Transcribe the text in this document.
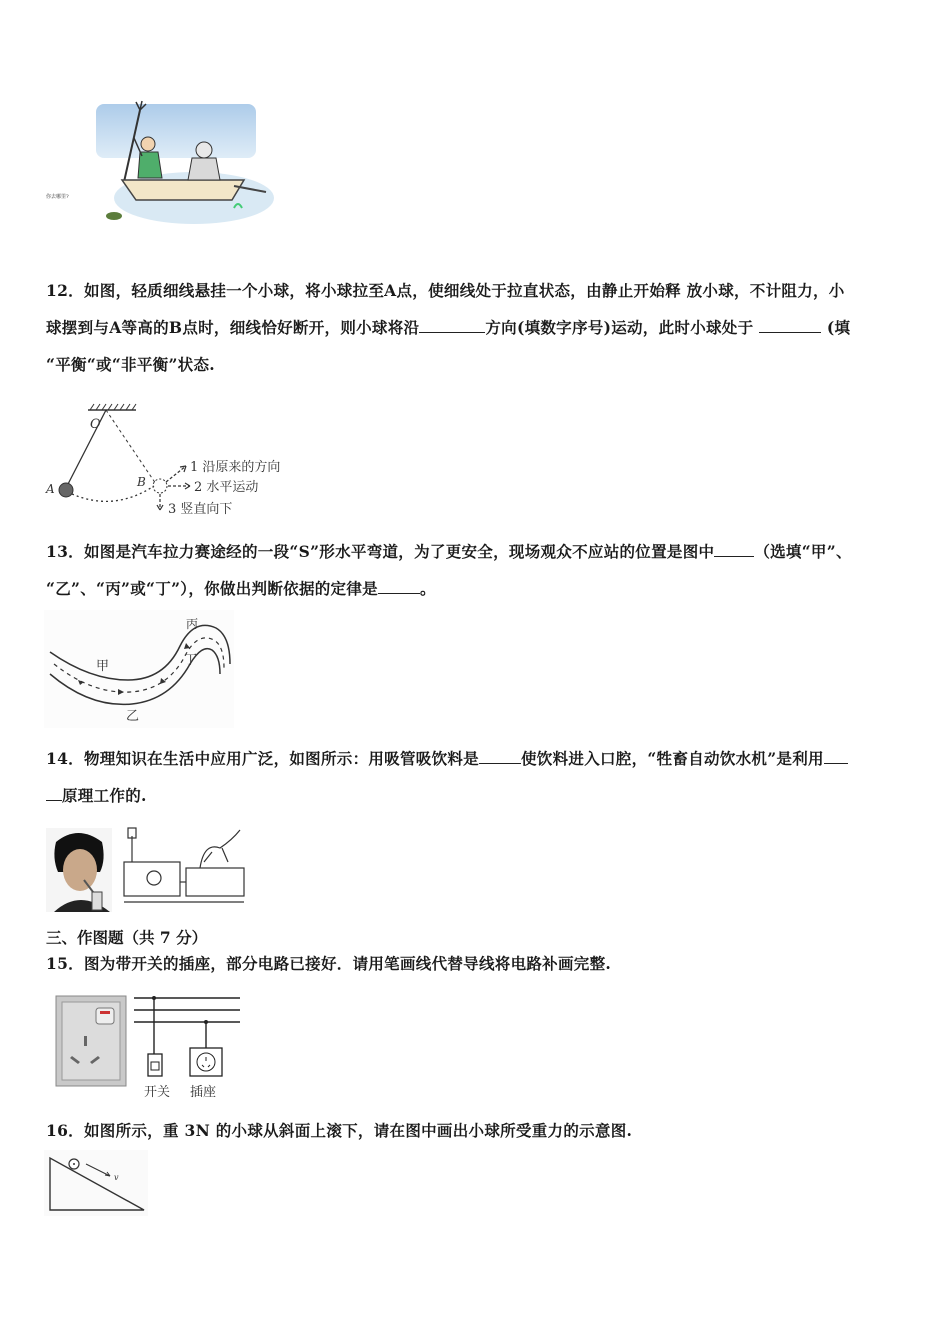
你去哪里?
12．如图，轻质细线悬挂一个小球，将小球拉至A点，使细线处于拉直状态，由静止开始释 放小球，不计阻力，小
球摆到与A等高的B点时，细线恰好断开，则小球将沿	方向(填数字序号)运动，此时小球处于	(填
“平衡“或“非平衡”状态.
O
A	B
1 沿原来的方向
2 水平运动
3 竖直向下
13．如图是汽车拉力赛途经的一段“S”形水平弯道，为了更安全，现场观众不应站的位置是图中	（选填“甲”、
“乙”、“丙”或“丁”），你做出判断依据的定律是	。
甲
丙
丁
乙
14．物理知识在生活中应用广泛，如图所示：用吸管吸饮料是	使饮料进入口腔，“牲畜自动饮水机”是利用
原理工作的.
三、作图题（共 7 分）
15．图为带开关的插座，部分电路已接好．请用笔画线代替导线将电路补画完整.
开关 插座
16．如图所示，重 3N 的小球从斜面上滚下，请在图中画出小球所受重力的示意图.
v
